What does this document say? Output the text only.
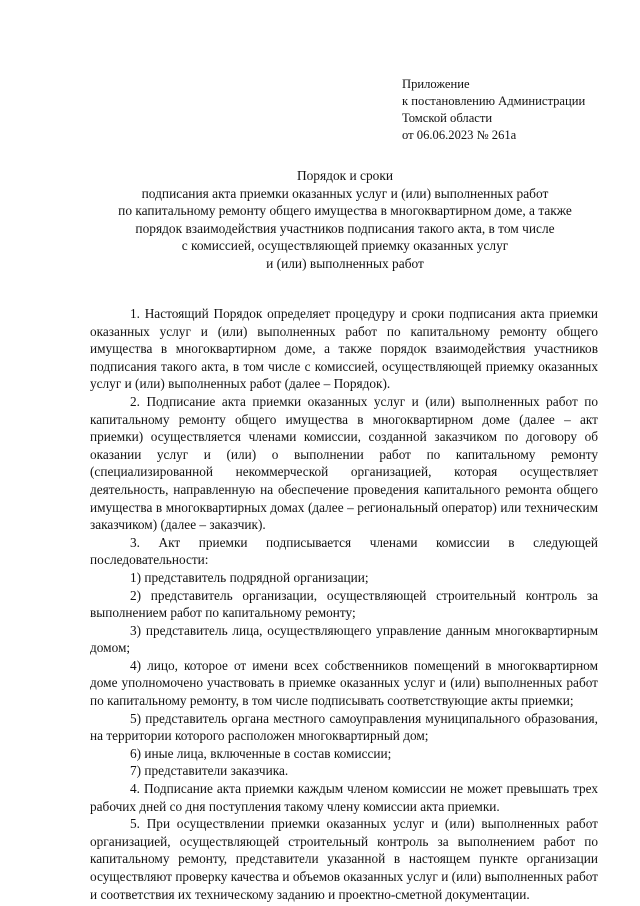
Приложение
к постановлению Администрации
Томской области
от 06.06.2023 № 261а
Порядок и сроки
подписания акта приемки оказанных услуг и (или) выполненных работ
по капитальному ремонту общего имущества в многоквартирном доме, а также
порядок взаимодействия участников подписания такого акта, в том числе
с комиссией, осуществляющей приемку оказанных услуг
и (или) выполненных работ

1. Настоящий Порядок определяет процедуру и сроки подписания акта приемки оказанных услуг и (или) выполненных работ по капитальному ремонту общего имущества в многоквартирном доме, а также порядок взаимодействия участников подписания такого акта, в том числе с комиссией, осуществляющей приемку оказанных услуг и (или) выполненных работ (далее – Порядок).

2. Подписание акта приемки оказанных услуг и (или) выполненных работ по капитальному ремонту общего имущества в многоквартирном доме (далее – акт приемки) осуществляется членами комиссии, созданной заказчиком по договору об оказании услуг и (или) о выполнении работ по капитальному ремонту (специализированной некоммерческой организацией, которая осуществляет деятельность, направленную на обеспечение проведения капитального ремонта общего имущества в многоквартирных домах (далее – региональный оператор) или техническим заказчиком) (далее – заказчик).

3. Акт приемки подписывается членами комиссии в следующей последовательности:

1) представитель подрядной организации;

2) представитель организации, осуществляющей строительный контроль за выполнением работ по капитальному ремонту;

3) представитель лица, осуществляющего управление данным многоквартирным домом;

4) лицо, которое от имени всех собственников помещений в многоквартирном доме уполномочено участвовать в приемке оказанных услуг и (или) выполненных работ по капитальному ремонту, в том числе подписывать соответствующие акты приемки;

5) представитель органа местного самоуправления муниципального образования, на территории которого расположен многоквартирный дом;

6) иные лица, включенные в состав комиссии;

7) представители заказчика.

4. Подписание акта приемки каждым членом комиссии не может превышать трех рабочих дней со дня поступления такому члену комиссии акта приемки.

5. При осуществлении приемки оказанных услуг и (или) выполненных работ организацией, осуществляющей строительный контроль за выполнением работ по капитальному ремонту, представители указанной в настоящем пункте организации осуществляют проверку качества и объемов оказанных услуг и (или) выполненных работ и соответствия их техническому заданию и проектно-сметной документации.
